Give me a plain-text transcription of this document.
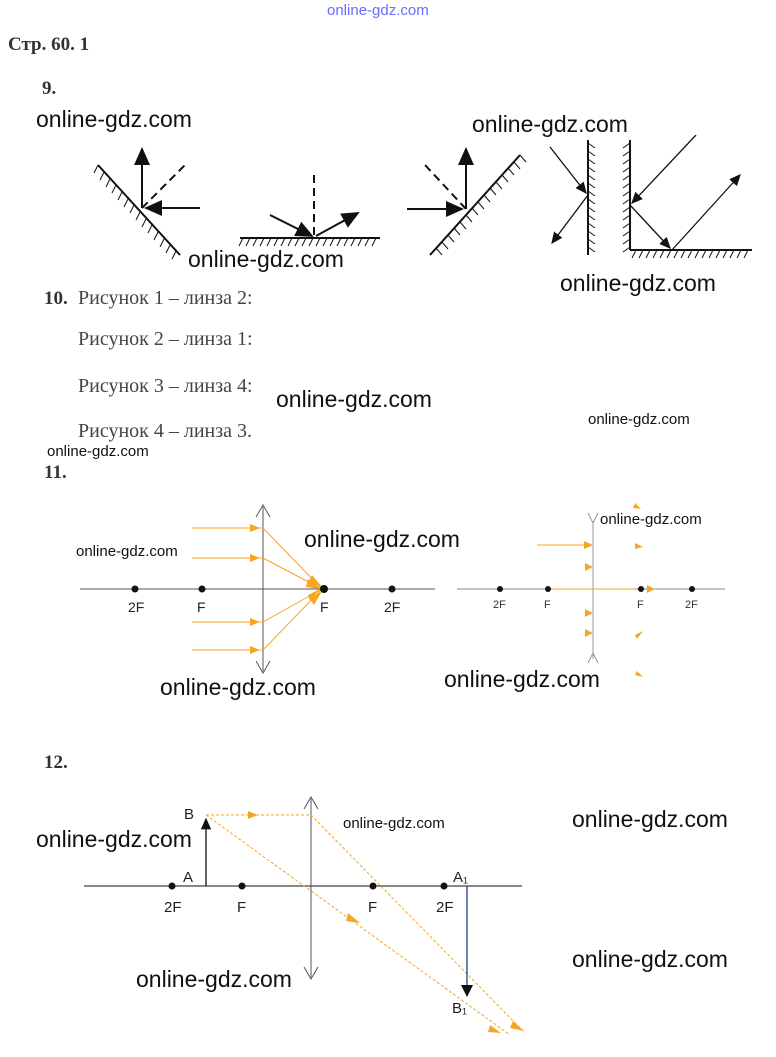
online-gdz.com
Стр. 60. 1
9.
10. Рисунок 1 – линза 2:
Рисунок 2 – линза 1:
Рисунок 3 – линза 4:
Рисунок 4 – линза 3.
11.
2F	F	F	2F	2F	F	F	2F
12.
B
A
2F	F	F	2F
A₁
B₁
online-gdz.com	online-gdz.com
online-gdz.com
online-gdz.com
online-gdz.com
online-gdz.com
online-gdz.com
online-gdz.com
online-gdz.com
online-gdz.com
online-gdz.com
online-gdz.com
online-gdz.com
online-gdz.com
online-gdz.com
online-gdz.com
online-gdz.com
